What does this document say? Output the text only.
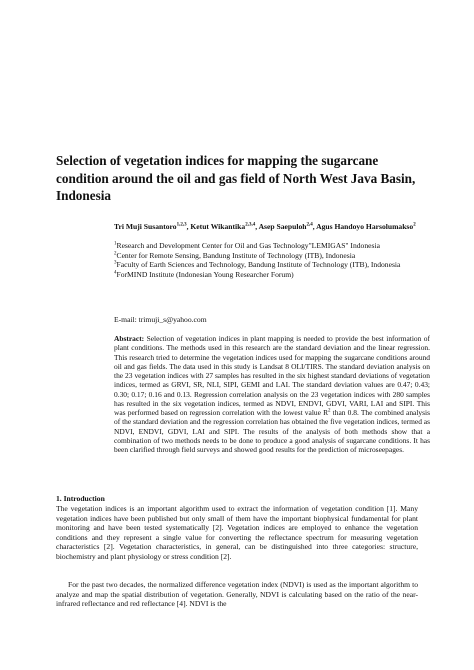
Selection of vegetation indices for mapping the sugarcane condition around the oil and gas field of North West Java Basin, Indonesia
Tri Muji Susantoro$^{1,2,3}$, Ketut Wikantika$^{2,3,4}$, Asep Saepuloh$^{2,4}$, Agus Handoyo Harsolumakso$^2$

$^1$Research and Development Center for Oil and Gas Technology"LEMIGAS" Indonesia

$^2$Center for Remote Sensing, Bandung Institute of Technology (ITB), Indonesia

$^3$Faculty of Earth Sciences and Technology, Bandung Institute of Technology (ITB), Indonesia

$^4$ForMIND Institute (Indonesian Young Researcher Forum)

E-mail: trimuji_s@yahoo.com
Abstract: Selection of vegetation indices in plant mapping is needed to provide the best information of plant conditions. The methods used in this research are the standard deviation and the linear regression. This research tried to determine the vegetation indices used for mapping the sugarcane conditions around oil and gas fields. The data used in this study is Landsat 8 OLI/TIRS. The standard deviation analysis on the 23 vegetation indices with 27 samples has resulted in the six highest standard deviations of vegetation indices, termed as GRVI, SR, NLI, SIPI, GEMI and LAI. The standard deviation values are 0.47; 0.43; 0.30; 0.17; 0.16 and 0.13. Regression correlation analysis on the 23 vegetation indices with 280 samples has resulted in the six vegetation indices, termed as NDVI, ENDVI, GDVI, VARI, LAI and SIPI. This was performed based on regression correlation with the lowest value $R^2$ than 0.8. The combined analysis of the standard deviation and the regression correlation has obtained the five vegetation indices, termed as NDVI, ENDVI, GDVI, LAI and SIPI. The results of the analysis of both methods show that a combination of two methods needs to be done to produce a good analysis of sugarcane conditions. It has been clarified through field surveys and showed good results for the prediction of microseepages.
1. Introduction

The vegetation indices is an important algorithm used to extract the information of vegetation condition [1]. Many vegetation indices have been published but only small of them have the important biophysical fundamental for plant monitoring and have been tested systematically [2]. Vegetation indices are employed to enhance the vegetation conditions and they represent a single value for converting the reflectance spectrum for measuring vegetation characteristics [2]. Vegetation characteristics, in general, can be distinguished into three categories: structure, biochemistry and plant physiology or stress condition [2].

For the past two decades, the normalized difference vegetation index (NDVI) is used as the important algorithm to analyze and map the spatial distribution of vegetation. Generally, NDVI is calculating based on the ratio of the near-infrared reflectance and red reflectance [4]. NDVI is the
